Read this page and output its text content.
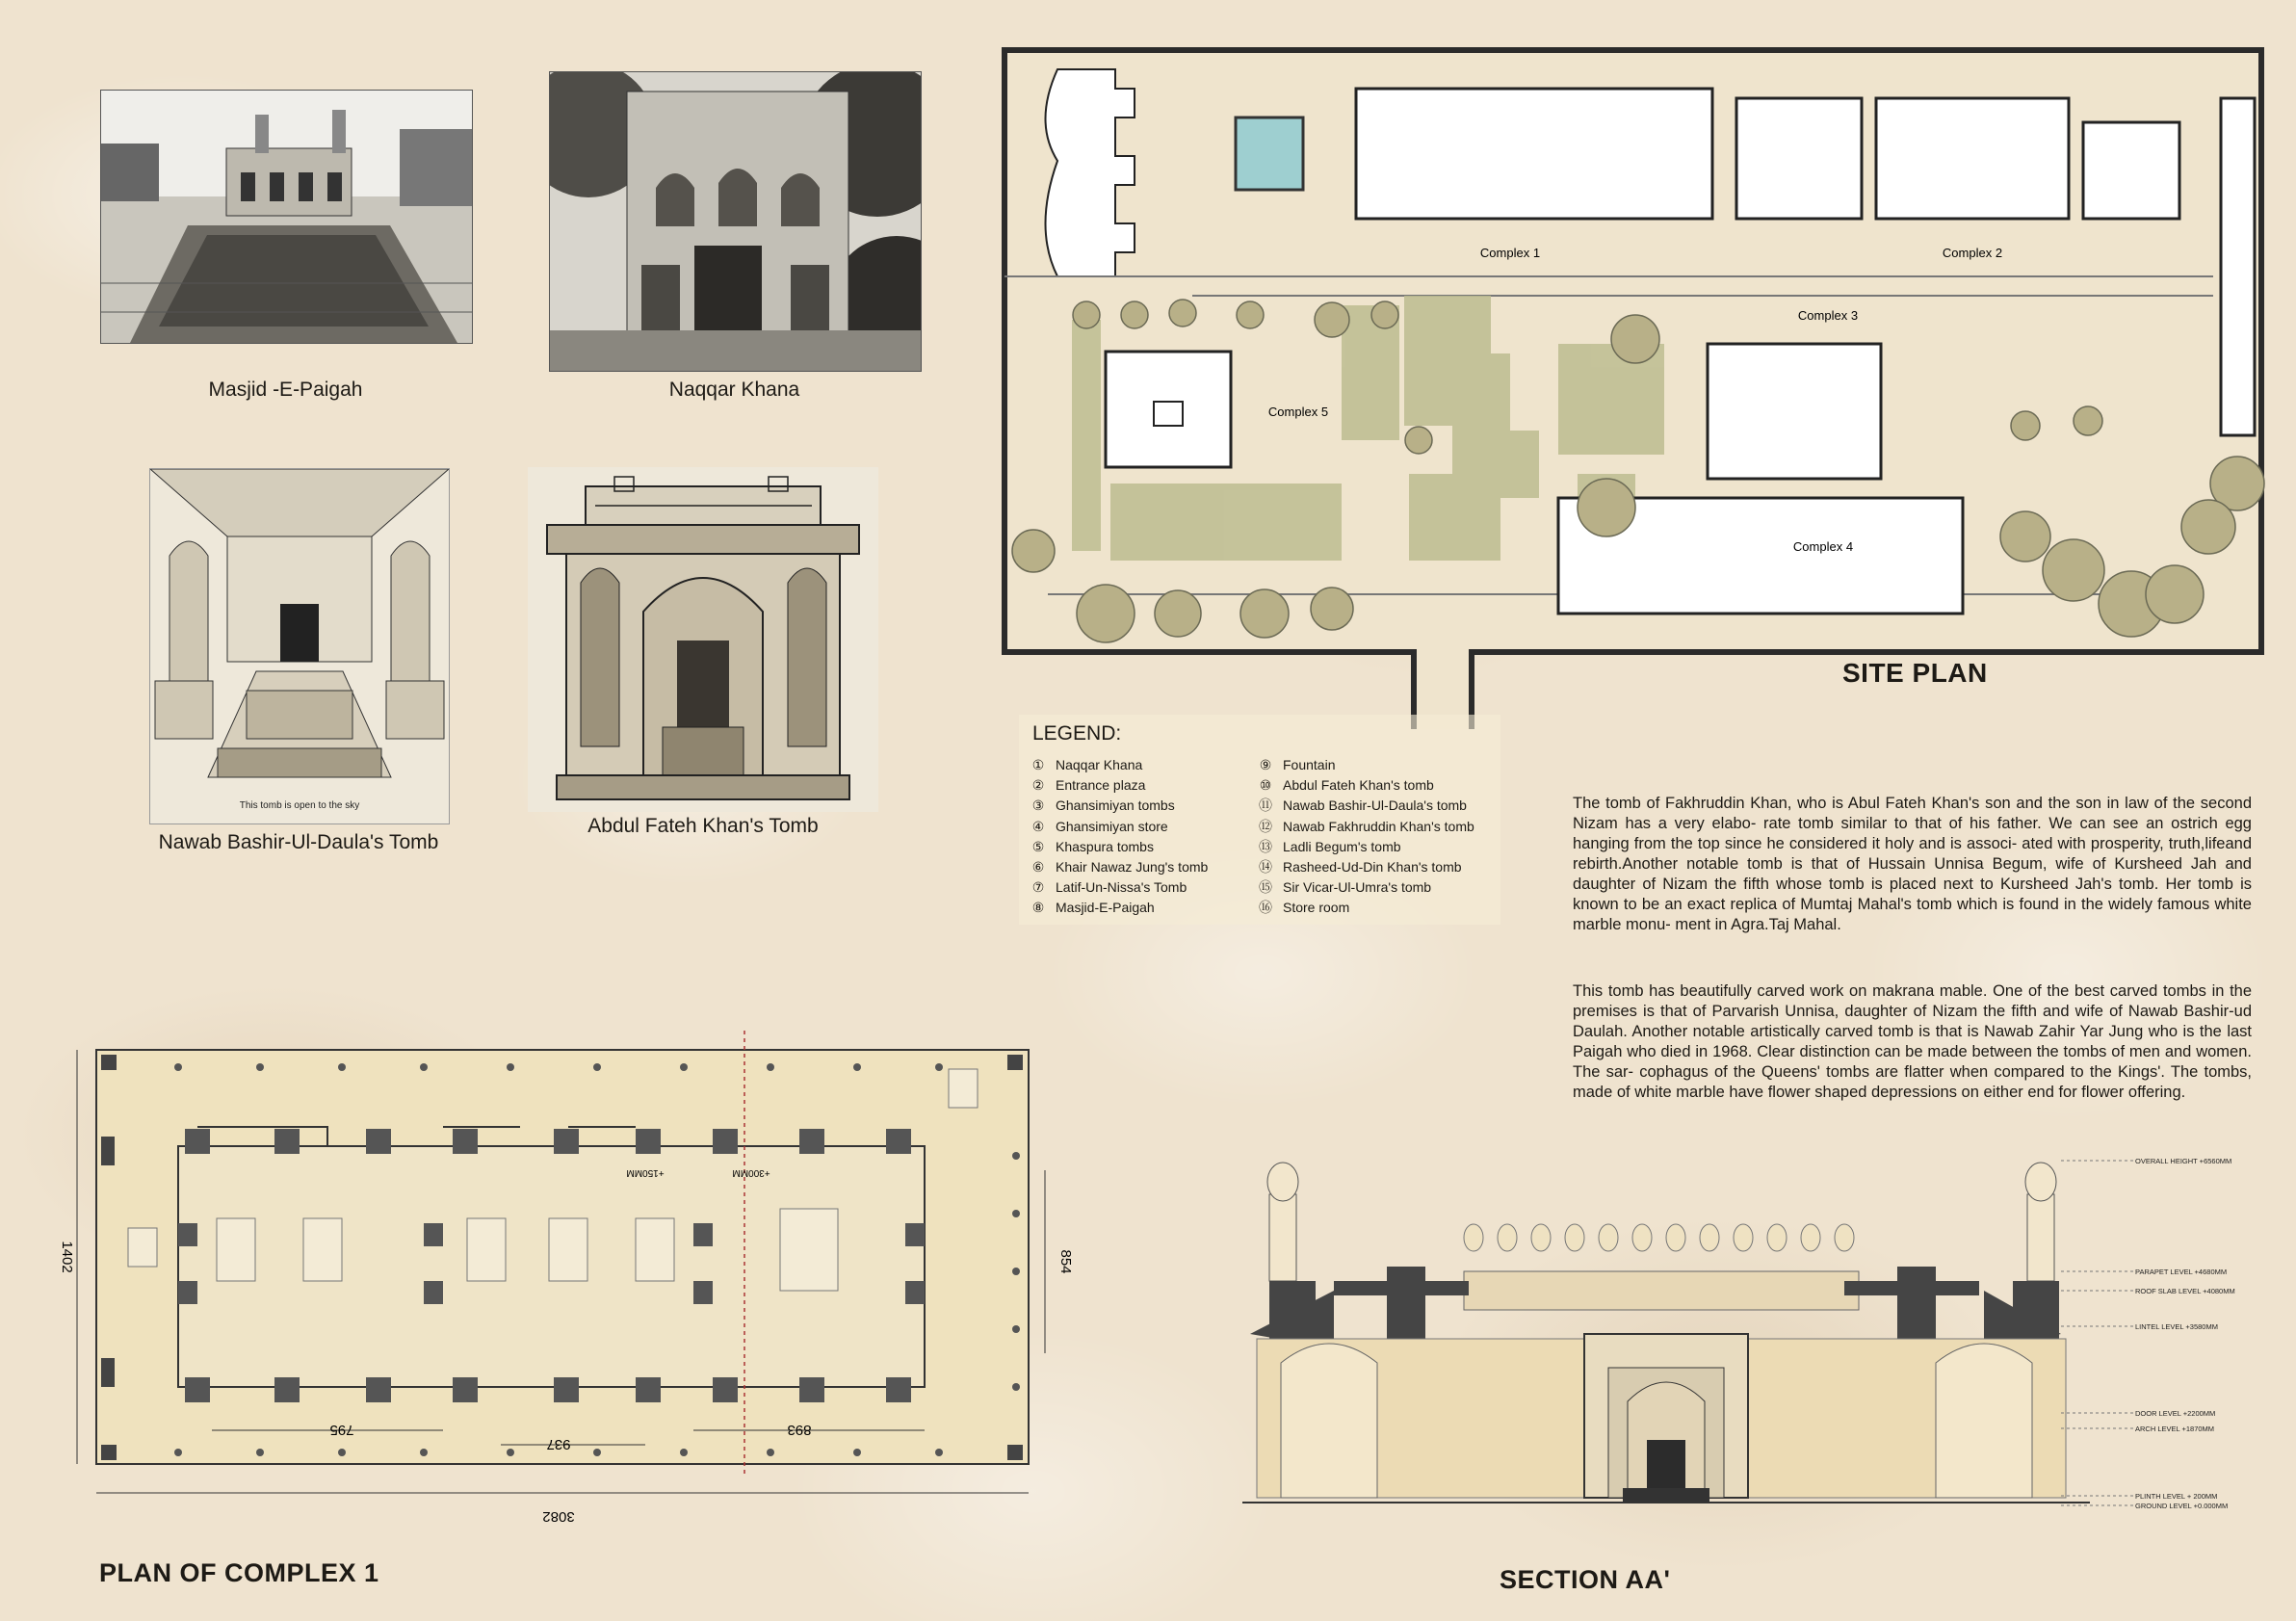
Masjid -E-Paigah	Naqqar Khana
This tomb is open to the sky
Nawab Bashir-Ul-Daula's Tomb
Abdul Fateh Khan's Tomb
Complex 1	Complex 2
Complex 3
Complex 5
Complex 4
SITE PLAN
LEGEND:
① Naqqar Khana
② Entrance plaza
③ Ghansimiyan tombs
④ Ghansimiyan store
⑤ Khaspura tombs
⑥ Khair Nawaz Jung's tomb
⑦ Latif-Un-Nissa's Tomb
⑧ Masjid-E-Paigah
⑨ Fountain
⑩ Abdul Fateh Khan's tomb
⑪ Nawab Bashir-Ul-Daula's tomb
⑫ Nawab Fakhruddin Khan's tomb
⑬ Ladli Begum's tomb
⑭ Rasheed-Ud-Din Khan's tomb
⑮ Sir Vicar-Ul-Umra's tomb
⑯ Store room
The tomb of Fakhruddin Khan, who is Abul Fateh Khan's son and the son in law of the second Nizam has a very elabo- rate tomb similar to that of his father. We can see an ostrich egg hanging from the top since he considered it holy and is associ- ated with prosperity, truth,lifeand rebirth.Another notable tomb is that of Hussain Unnisa Begum, wife of Kursheed Jah and daughter of Nizam the fifth whose tomb is placed next to Kursheed Jah's tomb. Her tomb is known to be an exact replica of Mumtaj Mahal's tomb which is found in the widely famous white marble monu- ment in Agra.Taj Mahal.
This tomb has beautifully carved work on makrana mable. One of the best carved tombs in the premises is that of Parvarish Unnisa, daughter of Nizam the fifth and wife of Nawab Bashir-ud Daulah. Another notable artistically carved tomb is that is Nawab Zahir Yar Jung who is the last Paigah who died in 1968. Clear distinction can be made between the tombs of men and women. The sar- cophagus of the Queens' tombs are flatter when compared to the Kings'. The tombs, made of white marble have flower shaped depressions on either end for flower offering.
1402	854
3082
795
937
893
+150MM	+300MM
PLAN OF COMPLEX 1
OVERALL HEIGHT +6560MM
PARAPET LEVEL +4680MM
ROOF SLAB LEVEL +4080MM
LINTEL LEVEL +3580MM
DOOR LEVEL +2200MM
ARCH LEVEL +1870MM
PLINTH LEVEL + 200MM
GROUND LEVEL +0.000MM
SECTION AA'
